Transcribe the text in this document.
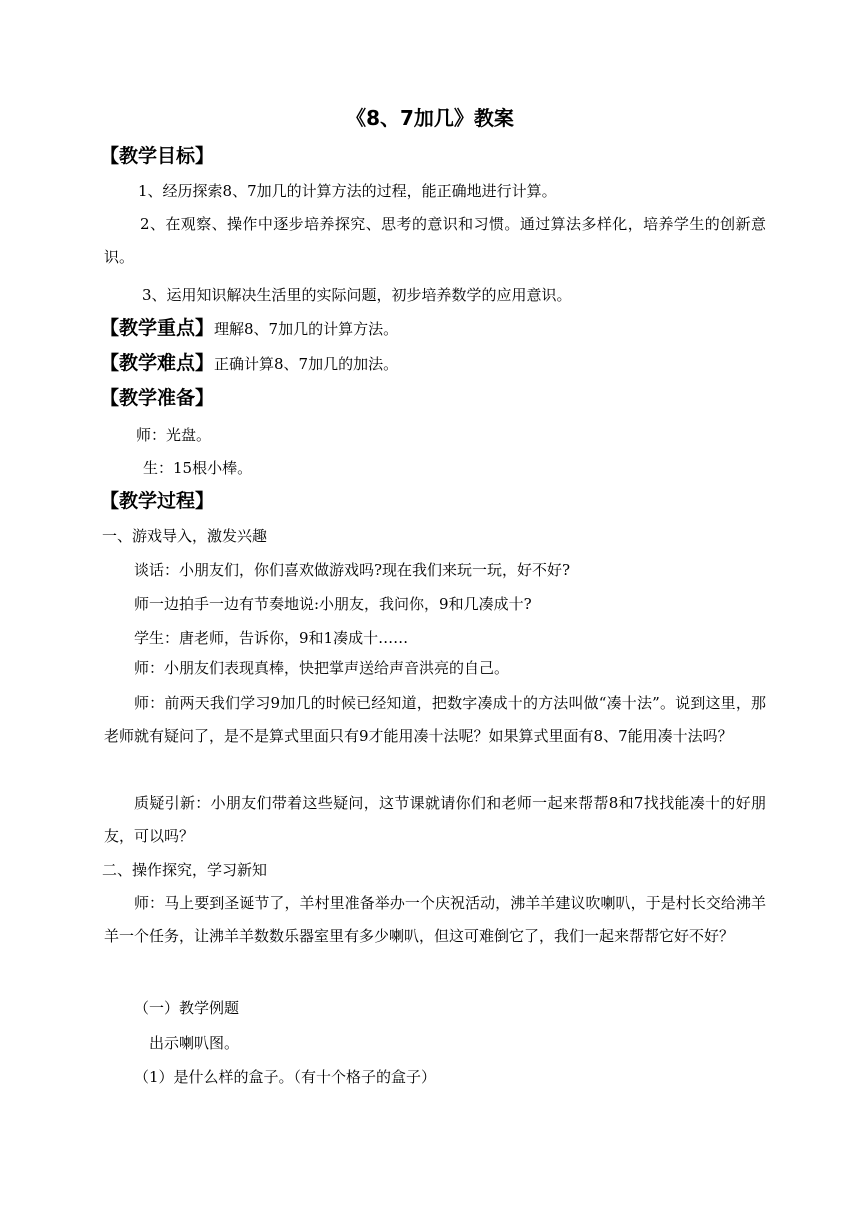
《8、7加几》教案
【教学目标】
1、经历探索8、7加几的计算方法的过程，能正确地进行计算。
2、在观察、操作中逐步培养探究、思考的意识和习惯。通过算法多样化，培养学生的创新意识。
3、运用知识解决生活里的实际问题，初步培养数学的应用意识。
【教学重点】理解8、7加几的计算方法。
【教学难点】正确计算8、7加几的加法。
【教学准备】
师：光盘。
生：15根小棒。
【教学过程】
一、游戏导入，激发兴趣
谈话：小朋友们，你们喜欢做游戏吗?现在我们来玩一玩，好不好?
师一边拍手一边有节奏地说:小朋友，我问你，9和几凑成十?
学生：唐老师，告诉你，9和1凑成十……
师：小朋友们表现真棒，快把掌声送给声音洪亮的自己。
师：前两天我们学习9加几的时候已经知道，把数字凑成十的方法叫做“凑十法”。说到这里，那老师就有疑问了，是不是算式里面只有9才能用凑十法呢？如果算式里面有8、7能用凑十法吗？
质疑引新：小朋友们带着这些疑问，这节课就请你们和老师一起来帮帮8和7找找能凑十的好朋友，可以吗？
二、操作探究，学习新知
师：马上要到圣诞节了，羊村里准备举办一个庆祝活动，沸羊羊建议吹喇叭，于是村长交给沸羊羊一个任务，让沸羊羊数数乐器室里有多少喇叭，但这可难倒它了，我们一起来帮帮它好不好？
（一）教学例题
出示喇叭图。
（1）是什么样的盒子。（有十个格子的盒子）
